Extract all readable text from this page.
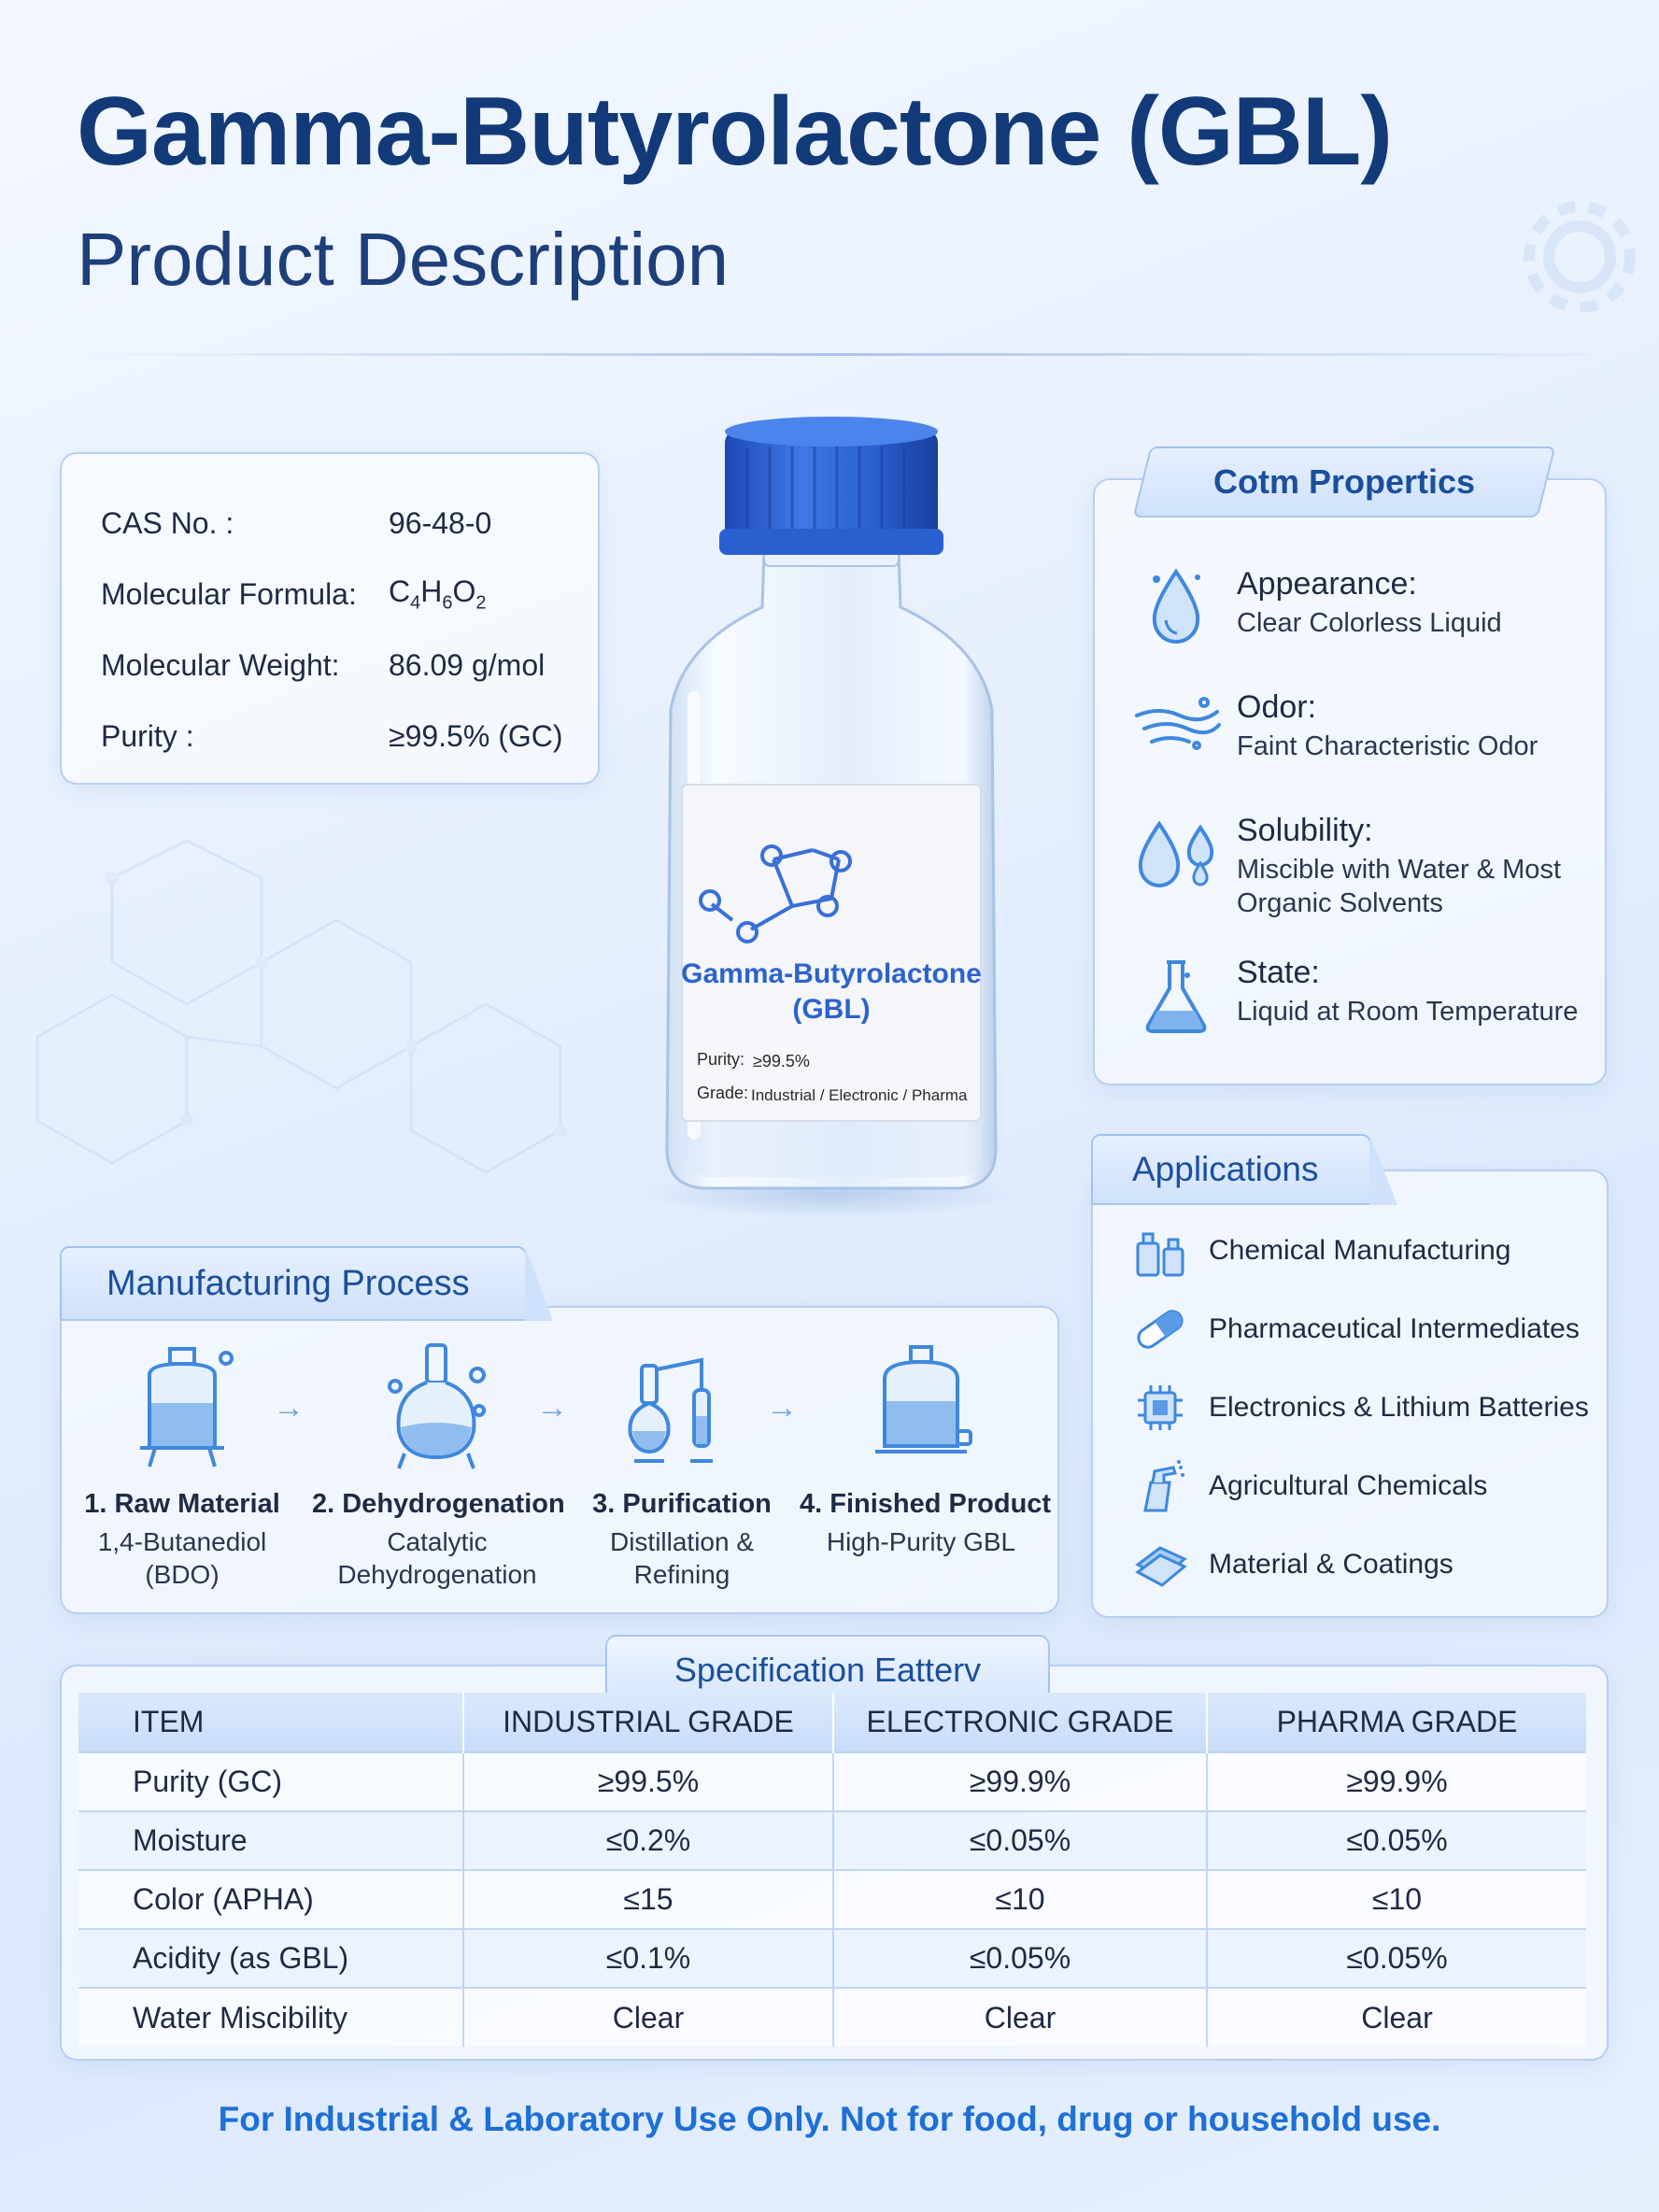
Gamma-Butyrolactone (GBL)
Product Description
CAS No. :	96-48-0
Molecular Formula:	$C_4H_6O_2$
Molecular Weight:	86.09 g/mol
Purity :	≥99.5% (GC)
Gamma-Butyrolactone
(GBL)
Purity: ≥99.5%
Grade: Industrial / Electronic / Pharma
Cotm Propertics
Appearance:
Clear Colorless Liquid
Odor:
Faint Characteristic Odor
Solubility:
Miscible with Water & Most Organic Solvents
State:
Liquid at Room Temperature
Applications
Chemical Manufacturing
Pharmaceutical Intermediates
Electronics & Lithium Batteries
Agricultural Chemicals
Material & Coatings
Manufacturing Process
1. Raw Material
1,4-Butanediol
(BDO)
→
2. Dehydrogenation
Catalytic
Dehydrogenation
→
3. Purification
Distillation &
Refining
→
4. Finished Product
High-Purity GBL
Specification Eatterv
ITEM	INDUSTRIAL GRADE	ELECTRONIC GRADE	PHARMA GRADE
Purity (GC)	≥99.5%	≥99.9%	≥99.9%
Moisture	≤0.2%	≤0.05%	≤0.05%
Color (APHA)	≤15	≤10	≤10
Acidity (as GBL)	≤0.1%	≤0.05%	≤0.05%
Water Miscibility	Clear	Clear	Clear
For Industrial & Laboratory Use Only. Not for food, drug or household use.
